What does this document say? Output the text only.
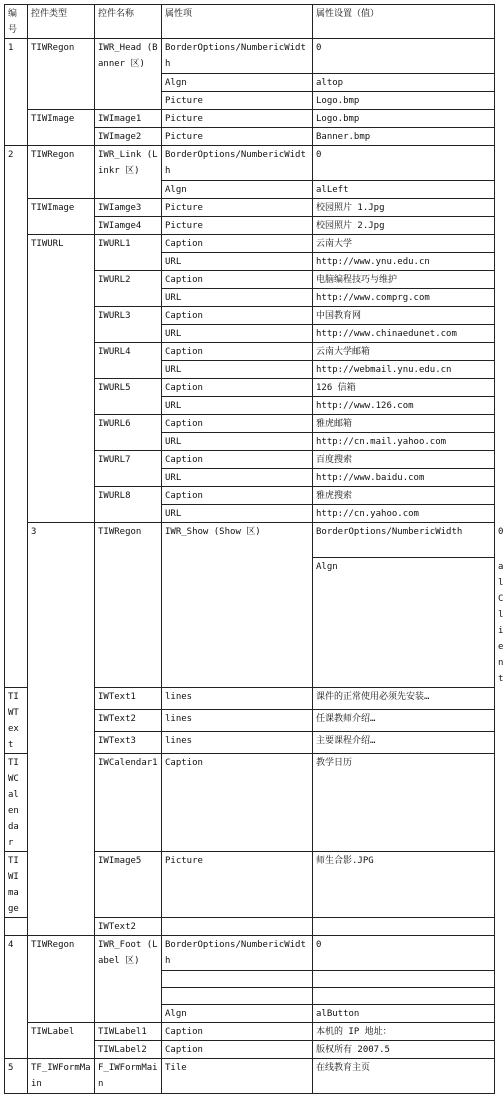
编号	控件类型	控件名称	属性项	属性设置（值）	
1	TIWRegon	IWR_Head (Banner 区)	BorderOptions/NumbericWidth	0	
			Algn	altop	
			Picture	Logo.bmp	
	TIWImage	IWImage1	Picture	Logo.bmp	
		IWImage2	Picture	Banner.bmp	
2	TIWRegon	IWR_Link (Linkr 区)	BorderOptions/NumbericWidth	0	
			Algn	alLeft	
	TIWImage	IWIamge3	Picture	校园照片 1.Jpg	
		IWIamge4	Picture	校园照片 2.Jpg	
	TIWURL	IWURL1	Caption	云南大学	
			URL	http://www.ynu.edu.cn	
		IWURL2	Caption	电脑编程技巧与维护	
			URL	http://www.comprg.com	
		IWURL3	Caption	中国教育网	
			URL	http://www.chinaedunet.com	
		IWURL4	Caption	云南大学邮箱	
			URL	http://webmail.ynu.edu.cn	
		IWURL5	Caption	126 信箱	
			URL	http://www.126.com	
		IWURL6	Caption	雅虎邮箱	
			URL	http://cn.mail.yahoo.com	
		IWURL7	Caption	百度搜索	
			URL	http://www.baidu.com	
		IWURL8	Caption	雅虎搜索	
			URL	http://cn.yahoo.com	
	3	TIWRegon	IWR_Show (Show 区)	BorderOptions/NumbericWidth	0
				Algn	alClient
TIWText		IWText1	lines	课件的正常使用必须先安装…	
		IWText2	lines	任课教师介绍…	
		IWText3	lines	主要课程介绍…	
TIWCalendar		IWCalendar1	Caption	教学日历	
TIWImage		IWImage5	Picture	师生合影.JPG	
		IWText2			
4	TIWRegon	IWR_Foot (Label 区)	BorderOptions/NumbericWidth	0	

			Algn	alButton	
	TIWLabel	TIWLabel1	Caption	本机的 IP 地址：	
		TIWLabel2	Caption	版权所有 2007.5	
5	TF_IWFormMain	F_IWFormMain	Tile	在线教育主页	
